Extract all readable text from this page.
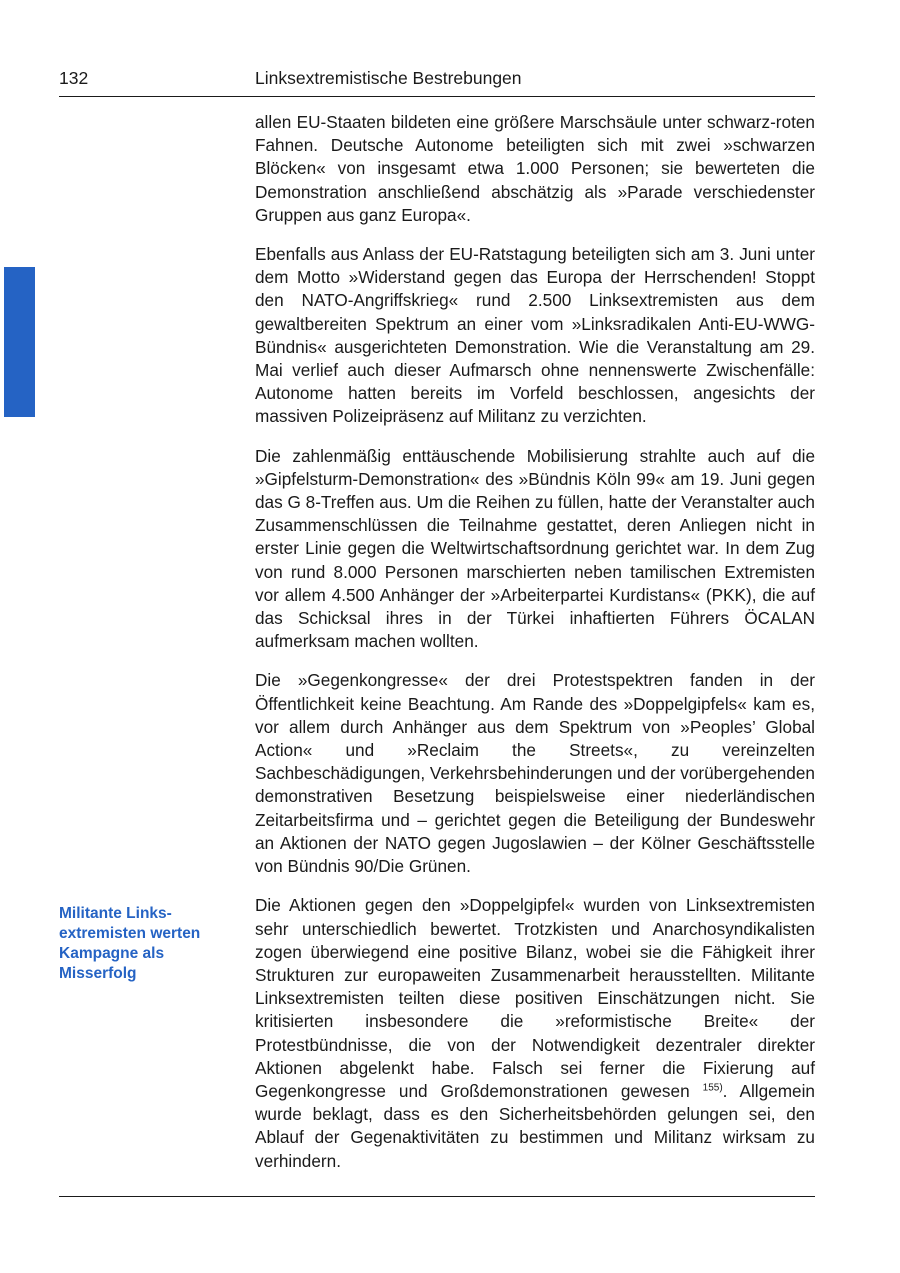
132	Linksextremistische Bestrebungen
Militante Links-extremisten werten Kampagne als Misserfolg

allen EU-Staaten bildeten eine größere Marschsäule unter schwarz-roten Fahnen. Deutsche Autonome beteiligten sich mit zwei »schwarzen Blöcken« von insgesamt etwa 1.000 Personen; sie bewerteten die Demonstration anschließend abschätzig als »Parade verschiedenster Gruppen aus ganz Europa«.

Ebenfalls aus Anlass der EU-Ratstagung beteiligten sich am 3. Juni unter dem Motto »Widerstand gegen das Europa der Herrschenden! Stoppt den NATO-Angriffskrieg« rund 2.500 Linksextremisten aus dem gewaltbereiten Spektrum an einer vom »Linksradikalen Anti-EU-WWG-Bündnis« ausgerichteten Demonstration. Wie die Veranstaltung am 29. Mai verlief auch dieser Aufmarsch ohne nennenswerte Zwischenfälle: Autonome hatten bereits im Vorfeld beschlossen, angesichts der massiven Polizeipräsenz auf Militanz zu verzichten.

Die zahlenmäßig enttäuschende Mobilisierung strahlte auch auf die »Gipfelsturm-Demonstration« des »Bündnis Köln 99« am 19. Juni gegen das G 8-Treffen aus. Um die Reihen zu füllen, hatte der Veranstalter auch Zusammenschlüssen die Teilnahme gestattet, deren Anliegen nicht in erster Linie gegen die Weltwirtschaftsordnung gerichtet war. In dem Zug von rund 8.000 Personen marschierten neben tamilischen Extremisten vor allem 4.500 Anhänger der »Arbeiterpartei Kurdistans« (PKK), die auf das Schicksal ihres in der Türkei inhaftierten Führers ÖCALAN aufmerksam machen wollten.

Die »Gegenkongresse« der drei Protestspektren fanden in der Öffentlichkeit keine Beachtung. Am Rande des »Doppelgipfels« kam es, vor allem durch Anhänger aus dem Spektrum von »Peoples’ Global Action« und »Reclaim the Streets«, zu vereinzelten Sachbeschädigungen, Verkehrsbehinderungen und der vorübergehenden demonstrativen Besetzung beispielsweise einer niederländischen Zeitarbeitsfirma und – gerichtet gegen die Beteiligung der Bundeswehr an Aktionen der NATO gegen Jugoslawien – der Kölner Geschäftsstelle von Bündnis 90/Die Grünen.

Die Aktionen gegen den »Doppelgipfel« wurden von Linksextremisten sehr unterschiedlich bewertet. Trotzkisten und Anarchosyndikalisten zogen überwiegend eine positive Bilanz, wobei sie die Fähigkeit ihrer Strukturen zur europaweiten Zusammenarbeit herausstellten. Militante Linksextremisten teilten diese positiven Einschätzungen nicht. Sie kritisierten insbesondere die »reformistische Breite« der Protestbündnisse, die von der Notwendigkeit dezentraler direkter Aktionen abgelenkt habe. Falsch sei ferner die Fixierung auf Gegenkongresse und Großdemonstrationen gewesen $^{155)}$. Allgemein wurde beklagt, dass es den Sicherheitsbehörden gelungen sei, den Ablauf der Gegenaktivitäten zu bestimmen und Militanz wirksam zu verhindern.
